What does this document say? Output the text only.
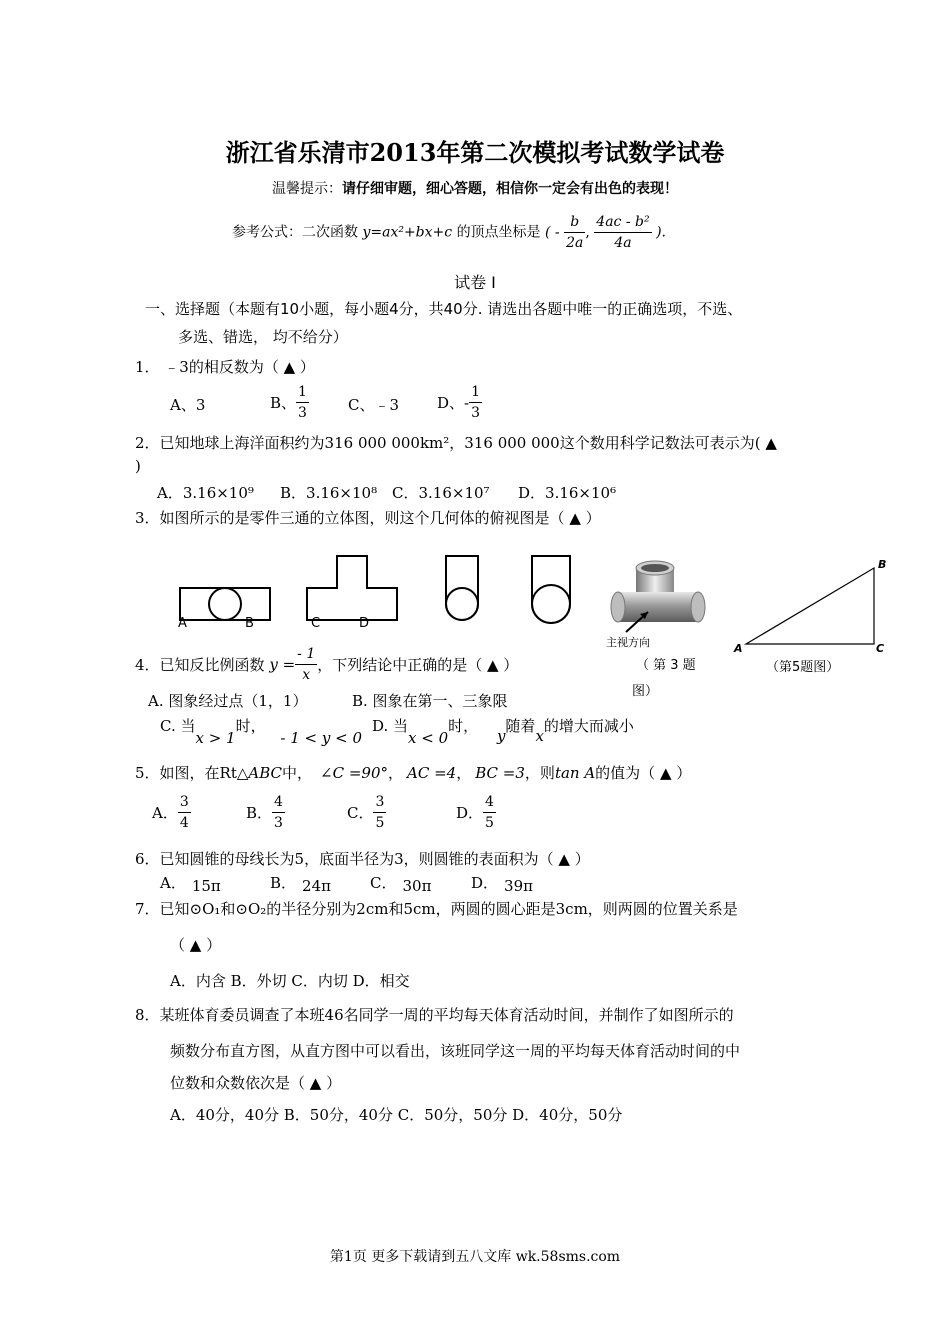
浙江省乐清市2013年第二次模拟考试数学试卷
温馨提示：请仔细审题，细心答题，相信你一定会有出色的表现！
参考公式：二次函数 y=ax²+bx+c 的顶点坐标是 ( - $\frac{b}{2a}$ , $\frac{\text{4ac - b²}}{4a}$ ).
试卷 Ⅰ
一、选择题（本题有10小题，每小题4分，共40分. 请选出各题中唯一的正确选项，不选、
多选、错选， 均不给分）
1． ﹣3的相反数为（ ▲ ）
A、3	B、 $\frac{1}{3}$	C、﹣3	D、- $\frac{1}{3}$
2．已知地球上海洋面积约为316 000 000km²，316 000 000这个数用科学记数法可表示为( ▲
)
A．3.16×10⁹ B．3.16×10⁸ C．3.16×10⁷ D．3.16×10⁶
3．如图所示的是零件三通的立体图，则这个几何体的俯视图是（ ▲ ）
A	B	C	D
主视方向
（ 第 3 题
图）
B
A	C
（第5题图）
4．已知反比例函数 $y = \frac{- 1}{x}$ ，下列结论中正确的是（ ▲ ）
A. 图象经过点（1，1）	B. 图象在第一、三象限
C. 当x > 1时， - 1 < y < 0
D. 当x < 0时， y随着x的增大而减小
5．如图，在Rt△ABC中， ∠C =90°， AC =4， BC =3，则tan A的值为（ ▲ ）
A． $\frac{3}{4}$	B． $\frac{4}{3}$	C． $\frac{3}{5}$	D． $\frac{4}{5}$
6．已知圆锥的母线长为5，底面半径为3，则圆锥的表面积为（ ▲ ）
A． 15π	B． 24π	C． 30π	D． 39π
7．已知⊙O₁和⊙O₂的半径分别为2cm和5cm，两圆的圆心距是3cm，则两圆的位置关系是
（ ▲ ）
A．内含 B．外切 C．内切 D．相交
8．某班体育委员调查了本班46名同学一周的平均每天体育活动时间，并制作了如图所示的
频数分布直方图，从直方图中可以看出，该班同学这一周的平均每天体育活动时间的中
位数和众数依次是（ ▲ ）
A．40分，40分 B．50分，40分 C．50分，50分 D．40分，50分
第1页 更多下载请到五八文库 wk.58sms.com
